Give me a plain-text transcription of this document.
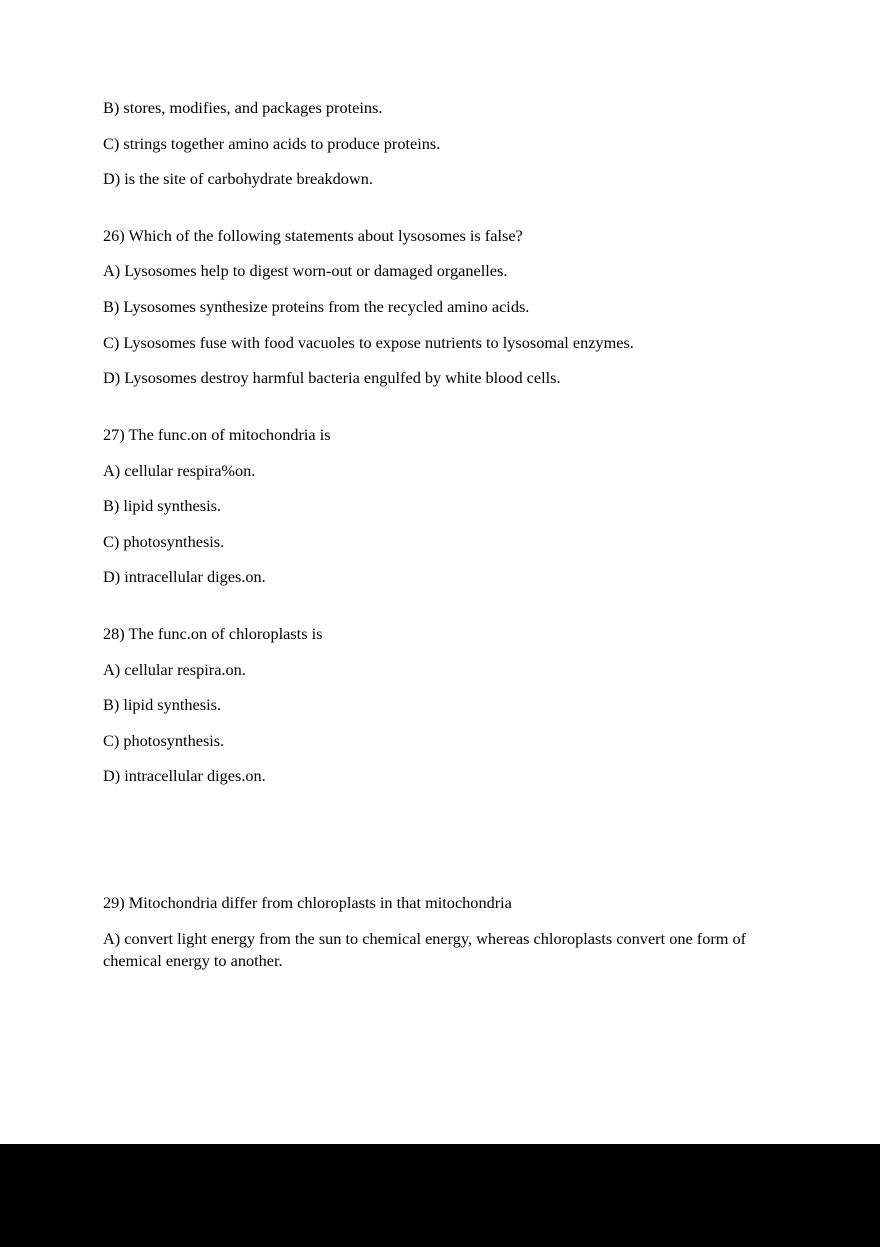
B) stores, modifies, and packages proteins.

C) strings together amino acids to produce proteins.

D) is the site of carbohydrate breakdown.

26) Which of the following statements about lysosomes is false?

A) Lysosomes help to digest worn-out or damaged organelles.

B) Lysosomes synthesize proteins from the recycled amino acids.

C) Lysosomes fuse with food vacuoles to expose nutrients to lysosomal enzymes.

D) Lysosomes destroy harmful bacteria engulfed by white blood cells.

27) The func.on of mitochondria is

A) cellular respira%on.

B) lipid synthesis.

C) photosynthesis.

D) intracellular diges.on.

28) The func.on of chloroplasts is

A) cellular respira.on.

B) lipid synthesis.

C) photosynthesis.

D) intracellular diges.on.

29) Mitochondria differ from chloroplasts in that mitochondria

A) convert light energy from the sun to chemical energy, whereas chloroplasts convert one form of chemical energy to another.
